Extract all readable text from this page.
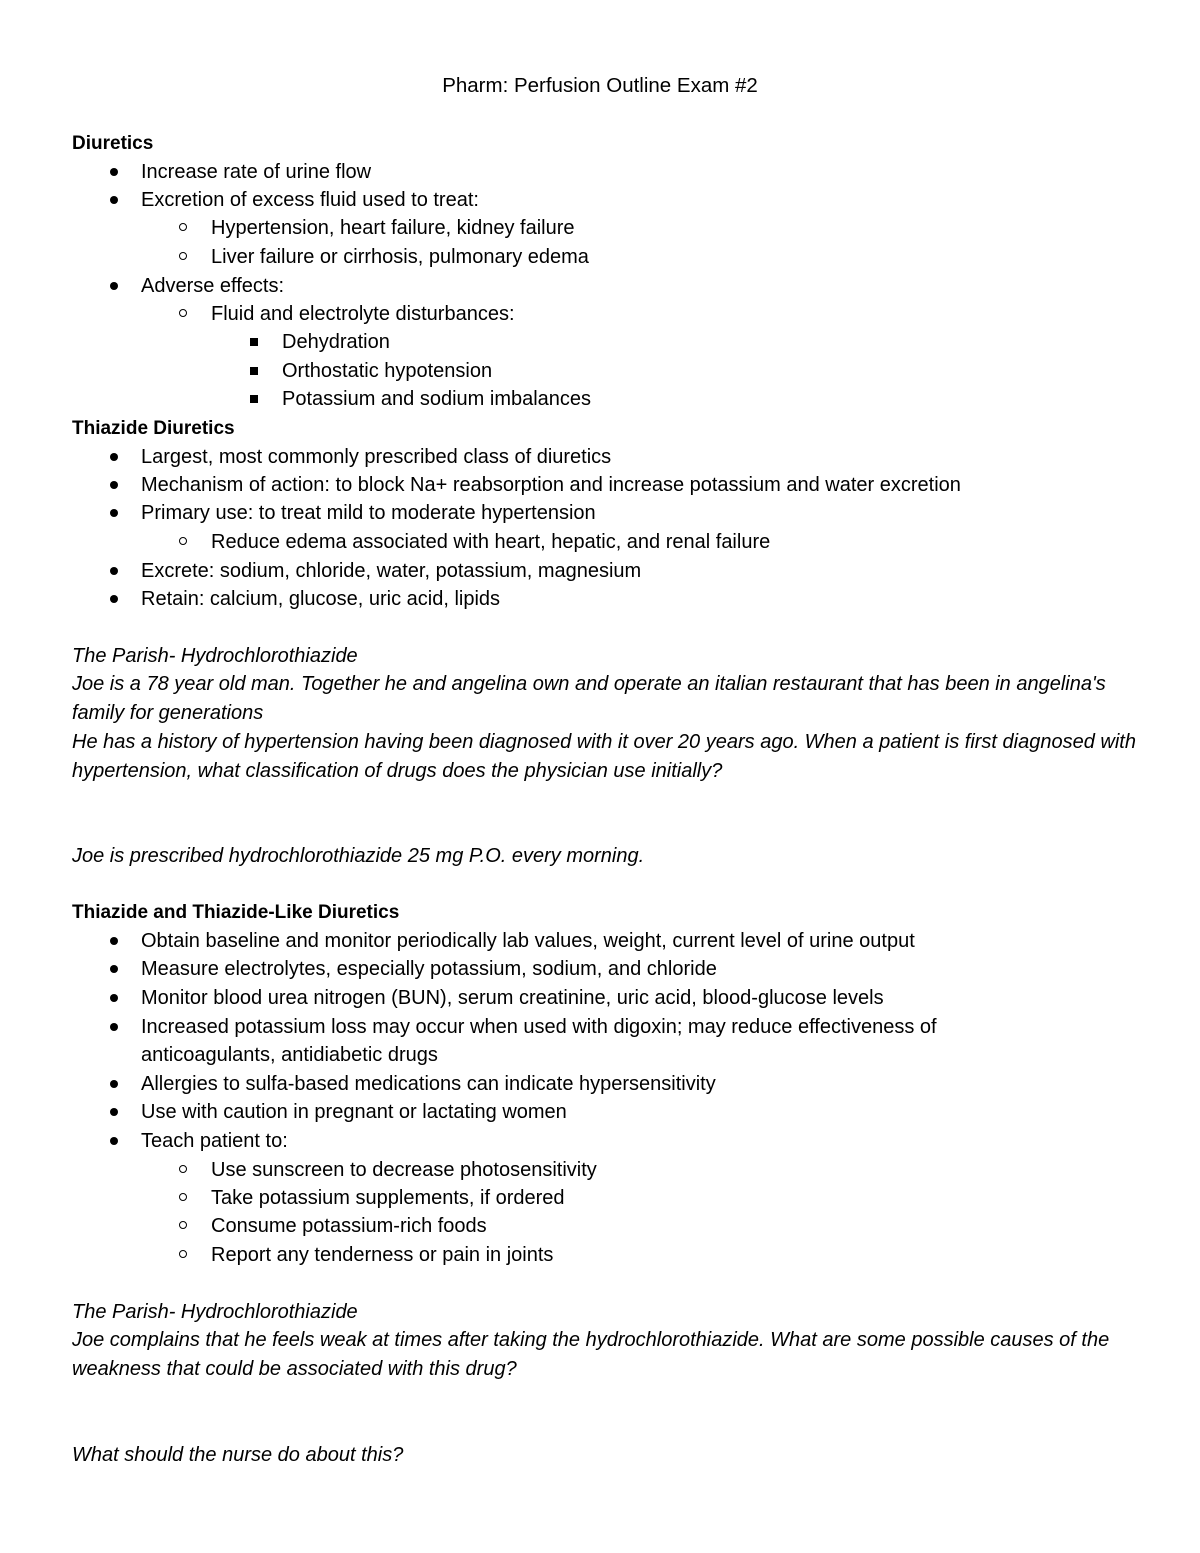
Pharm: Perfusion Outline Exam #2
Diuretics
Increase rate of urine flow
Excretion of excess fluid used to treat:
Hypertension, heart failure, kidney failure
Liver failure or cirrhosis, pulmonary edema
Adverse effects:
Fluid and electrolyte disturbances:
Dehydration
Orthostatic hypotension
Potassium and sodium imbalances
Thiazide Diuretics
Largest, most commonly prescribed class of diuretics
Mechanism of action: to block Na+ reabsorption and increase potassium and water excretion
Primary use: to treat mild to moderate hypertension
Reduce edema associated with heart, hepatic, and renal failure
Excrete: sodium, chloride, water, potassium, magnesium
Retain: calcium, glucose, uric acid, lipids
The Parish- Hydrochlorothiazide
Joe is a 78 year old man. Together he and angelina own and operate an italian restaurant that has been in angelina's family for generations
He has a history of hypertension having been diagnosed with it over 20 years ago. When a patient is first diagnosed with hypertension, what classification of drugs does the physician use initially?
Joe is prescribed hydrochlorothiazide 25 mg P.O. every morning.
Thiazide and Thiazide-Like Diuretics
Obtain baseline and monitor periodically lab values, weight, current level of urine output
Measure electrolytes, especially potassium, sodium, and chloride
Monitor blood urea nitrogen (BUN), serum creatinine, uric acid, blood-glucose levels
Increased potassium loss may occur when used with digoxin; may reduce effectiveness of anticoagulants, antidiabetic drugs
Allergies to sulfa-based medications can indicate hypersensitivity
Use with caution in pregnant or lactating women
Teach patient to:
Use sunscreen to decrease photosensitivity
Take potassium supplements, if ordered
Consume potassium-rich foods
Report any tenderness or pain in joints
The Parish- Hydrochlorothiazide
Joe complains that he feels weak at times after taking the hydrochlorothiazide. What are some possible causes of the weakness that could be associated with this drug?
What should the nurse do about this?
